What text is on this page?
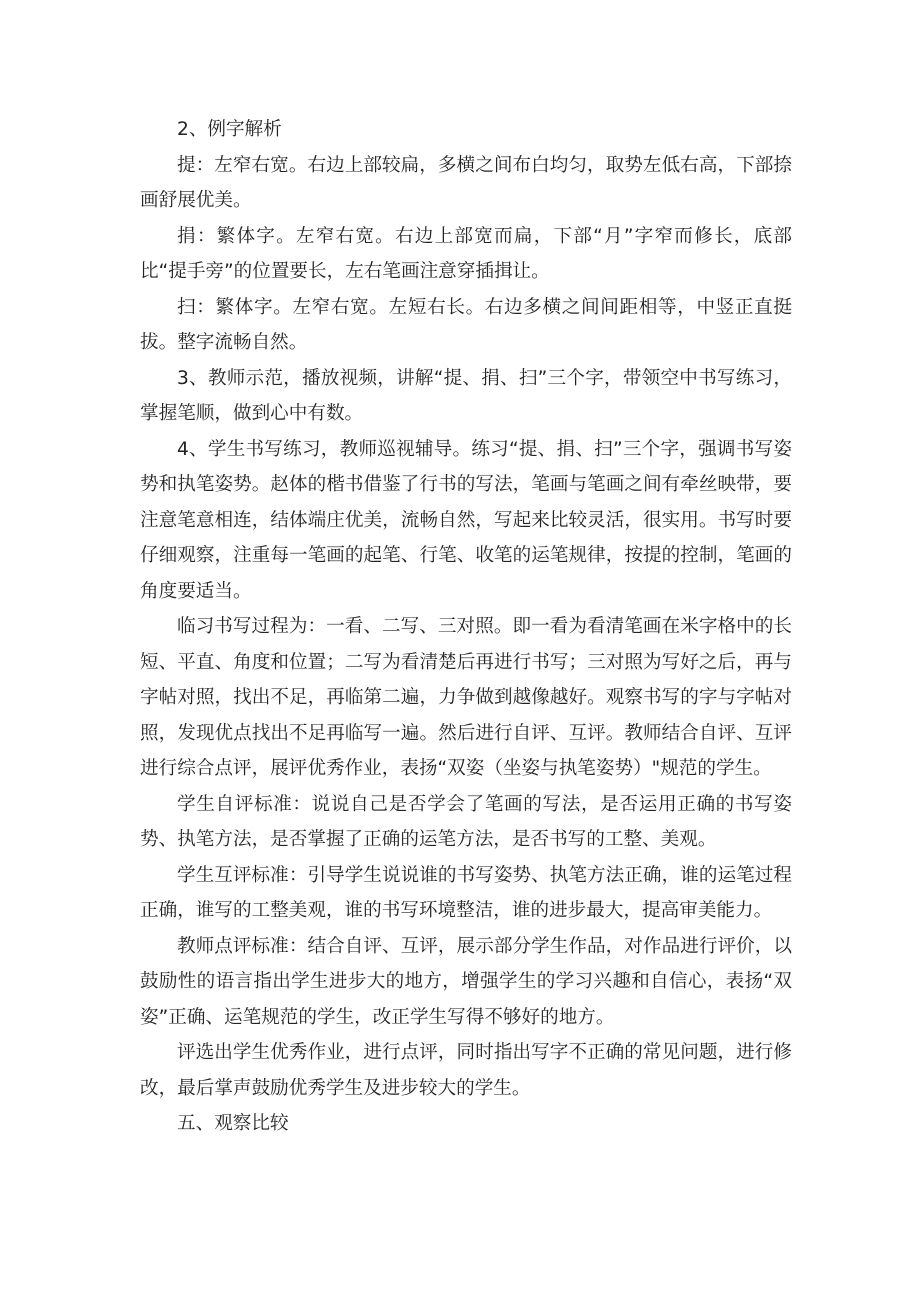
2、例字解析

提：左窄右宽。右边上部较扁，多横之间布白均匀，取势左低右高，下部捺画舒展优美。

捐：繁体字。左窄右宽。右边上部宽而扁，下部“月”字窄而修长，底部比“提手旁”的位置要长，左右笔画注意穿插揖让。

扫：繁体字。左窄右宽。左短右长。右边多横之间间距相等，中竖正直挺拔。整字流畅自然。

3、教师示范，播放视频，讲解“提、捐、扫”三个字，带领空中书写练习，掌握笔顺，做到心中有数。

4、学生书写练习，教师巡视辅导。练习“提、捐、扫”三个字，强调书写姿势和执笔姿势。赵体的楷书借鉴了行书的写法，笔画与笔画之间有牵丝映带，要注意笔意相连，结体端庄优美，流畅自然，写起来比较灵活，很实用。书写时要仔细观察，注重每一笔画的起笔、行笔、收笔的运笔规律，按提的控制，笔画的角度要适当。

临习书写过程为：一看、二写、三对照。即一看为看清笔画在米字格中的长短、平直、角度和位置；二写为看清楚后再进行书写；三对照为写好之后，再与字帖对照，找出不足，再临第二遍，力争做到越像越好。观察书写的字与字帖对照，发现优点找出不足再临写一遍。然后进行自评、互评。教师结合自评、互评进行综合点评，展评优秀作业，表扬“双姿（坐姿与执笔姿势）"规范的学生。

学生自评标准：说说自己是否学会了笔画的写法，是否运用正确的书写姿势、执笔方法，是否掌握了正确的运笔方法，是否书写的工整、美观。

学生互评标准：引导学生说说谁的书写姿势、执笔方法正确，谁的运笔过程正确，谁写的工整美观，谁的书写环境整洁，谁的进步最大，提高审美能力。

教师点评标准：结合自评、互评，展示部分学生作品，对作品进行评价，以鼓励性的语言指出学生进步大的地方，增强学生的学习兴趣和自信心，表扬“双姿”正确、运笔规范的学生，改正学生写得不够好的地方。

评选出学生优秀作业，进行点评，同时指出写字不正确的常见问题，进行修改，最后掌声鼓励优秀学生及进步较大的学生。

五、观察比较
